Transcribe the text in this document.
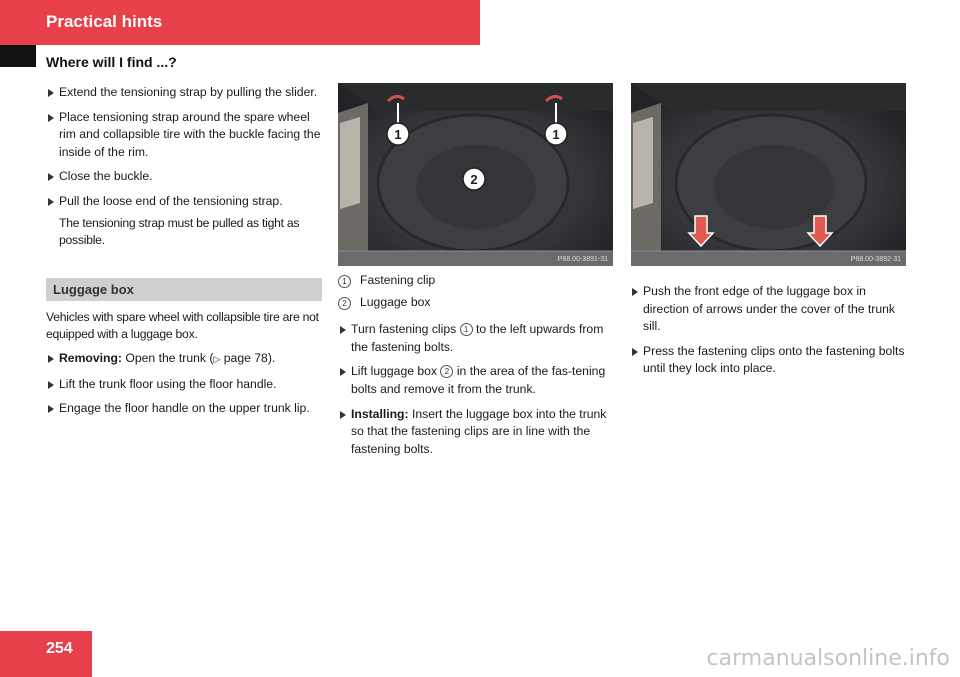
Practical hints
Where will I find ...?
Extend the tensioning strap by pulling the slider.
Place tensioning strap around the spare wheel rim and collapsible tire with the buckle facing the inside of the rim.
Close the buckle.
Pull the loose end of the tensioning strap.
The tensioning strap must be pulled as tight as possible.
Luggage box
Vehicles with spare wheel with collapsible tire are not equipped with a luggage box.
Removing: Open the trunk (▷ page 78).
Lift the trunk floor using the floor handle.
Engage the floor handle on the upper trunk lip.
1	1
2
P68.00-3891-31	P68.00-3892-31
1	Fastening clip
2	Luggage box
Turn fastening clips 1 to the left upwards from the fastening bolts.
Lift luggage box 2 in the area of the fas-tening bolts and remove it from the trunk.
Installing: Insert the luggage box into the trunk so that the fastening clips are in line with the fastening bolts.
Push the front edge of the luggage box in direction of arrows under the cover of the trunk sill.
Press the fastening clips onto the fastening bolts until they lock into place.
254	carmanualsonline.info
